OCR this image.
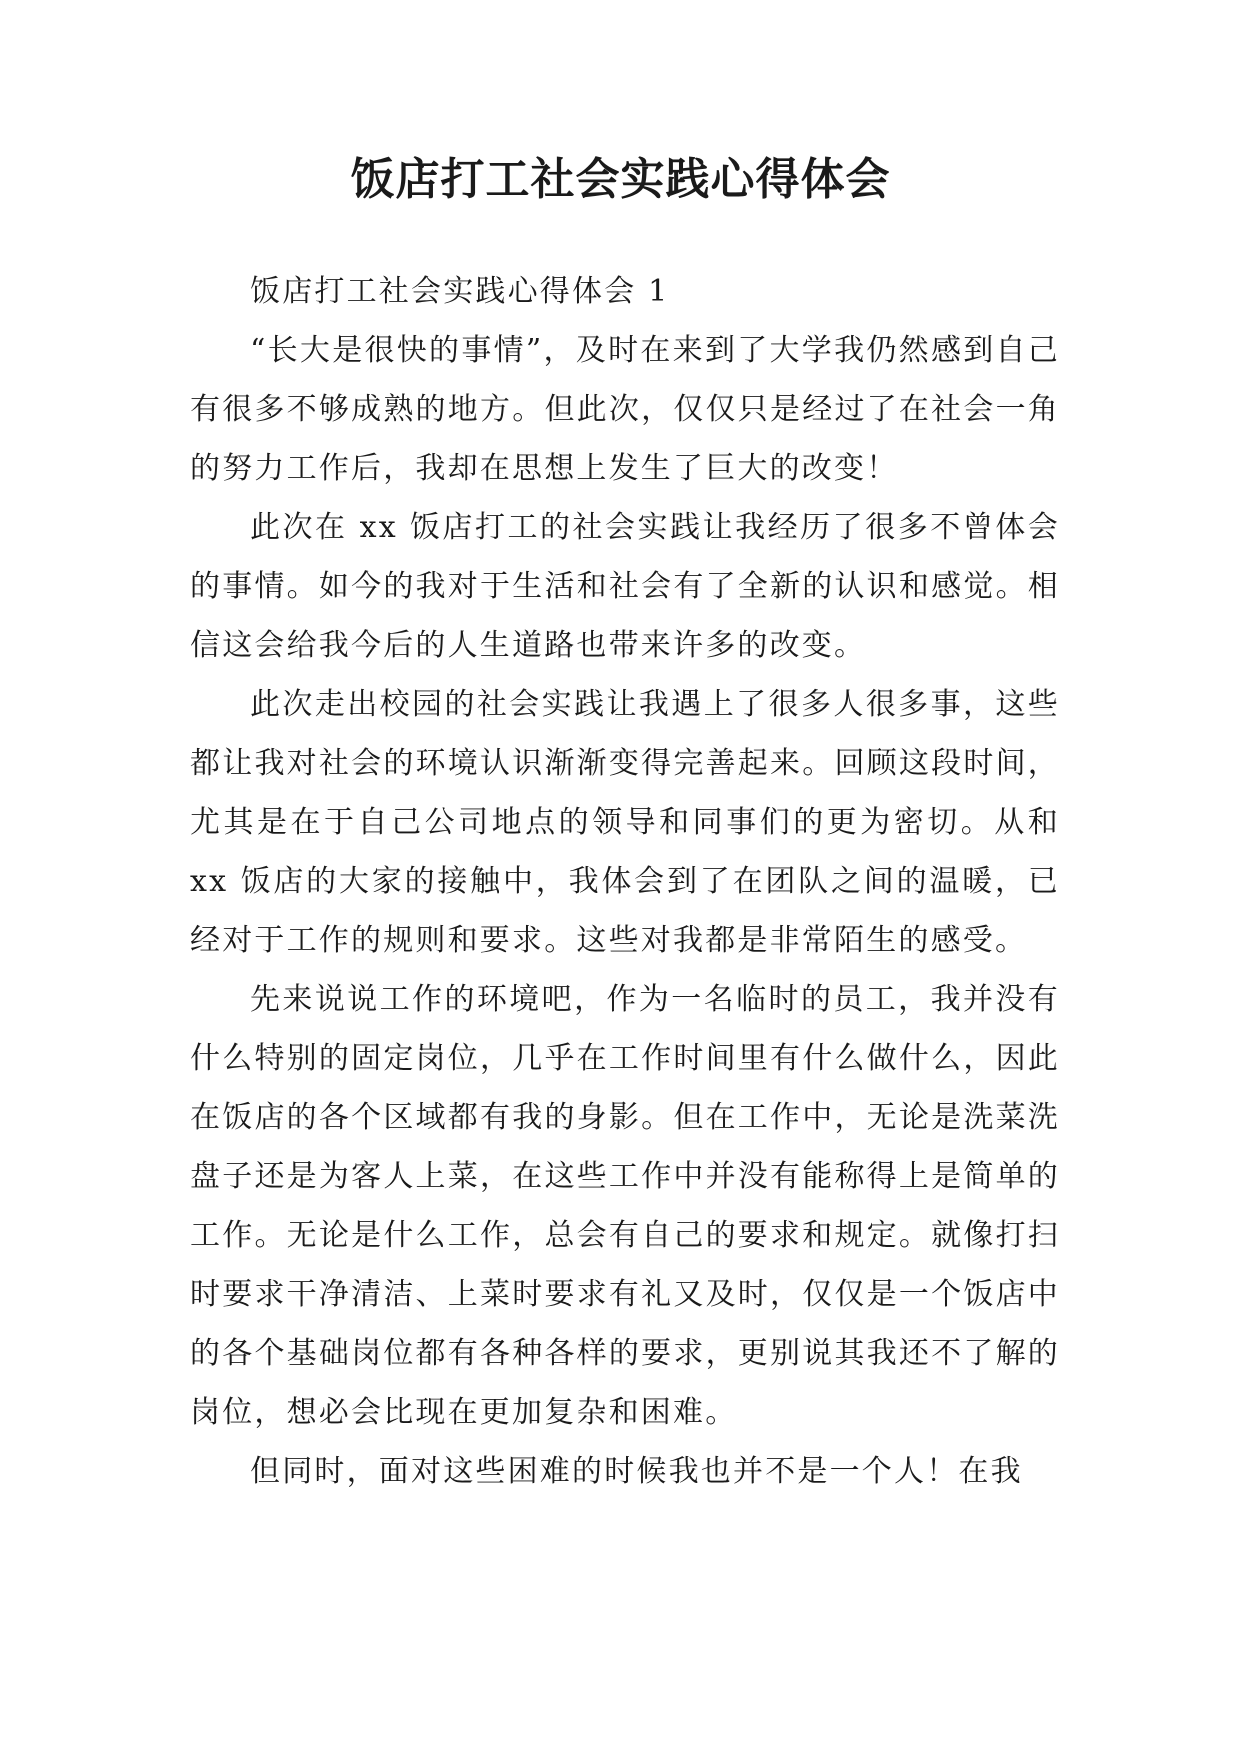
饭店打工社会实践心得体会

饭店打工社会实践心得体会 1

“长大是很快的事情”，及时在来到了大学我仍然感到自己有很多不够成熟的地方。但此次，仅仅只是经过了在社会一角的努力工作后，我却在思想上发生了巨大的改变！

此次在 xx 饭店打工的社会实践让我经历了很多不曾体会的事情。如今的我对于生活和社会有了全新的认识和感觉。相信这会给我今后的人生道路也带来许多的改变。

此次走出校园的社会实践让我遇上了很多人很多事，这些都让我对社会的环境认识渐渐变得完善起来。回顾这段时间，尤其是在于自己公司地点的领导和同事们的更为密切。从和 xx 饭店的大家的接触中，我体会到了在团队之间的温暖，已经对于工作的规则和要求。这些对我都是非常陌生的感受。

先来说说工作的环境吧，作为一名临时的员工，我并没有什么特别的固定岗位，几乎在工作时间里有什么做什么，因此在饭店的各个区域都有我的身影。但在工作中，无论是洗菜洗盘子还是为客人上菜，在这些工作中并没有能称得上是简单的工作。无论是什么工作，总会有自己的要求和规定。就像打扫时要求干净清洁、上菜时要求有礼又及时，仅仅是一个饭店中的各个基础岗位都有各种各样的要求，更别说其我还不了解的岗位，想必会比现在更加复杂和困难。

但同时，面对这些困难的时候我也并不是一个人！在我
